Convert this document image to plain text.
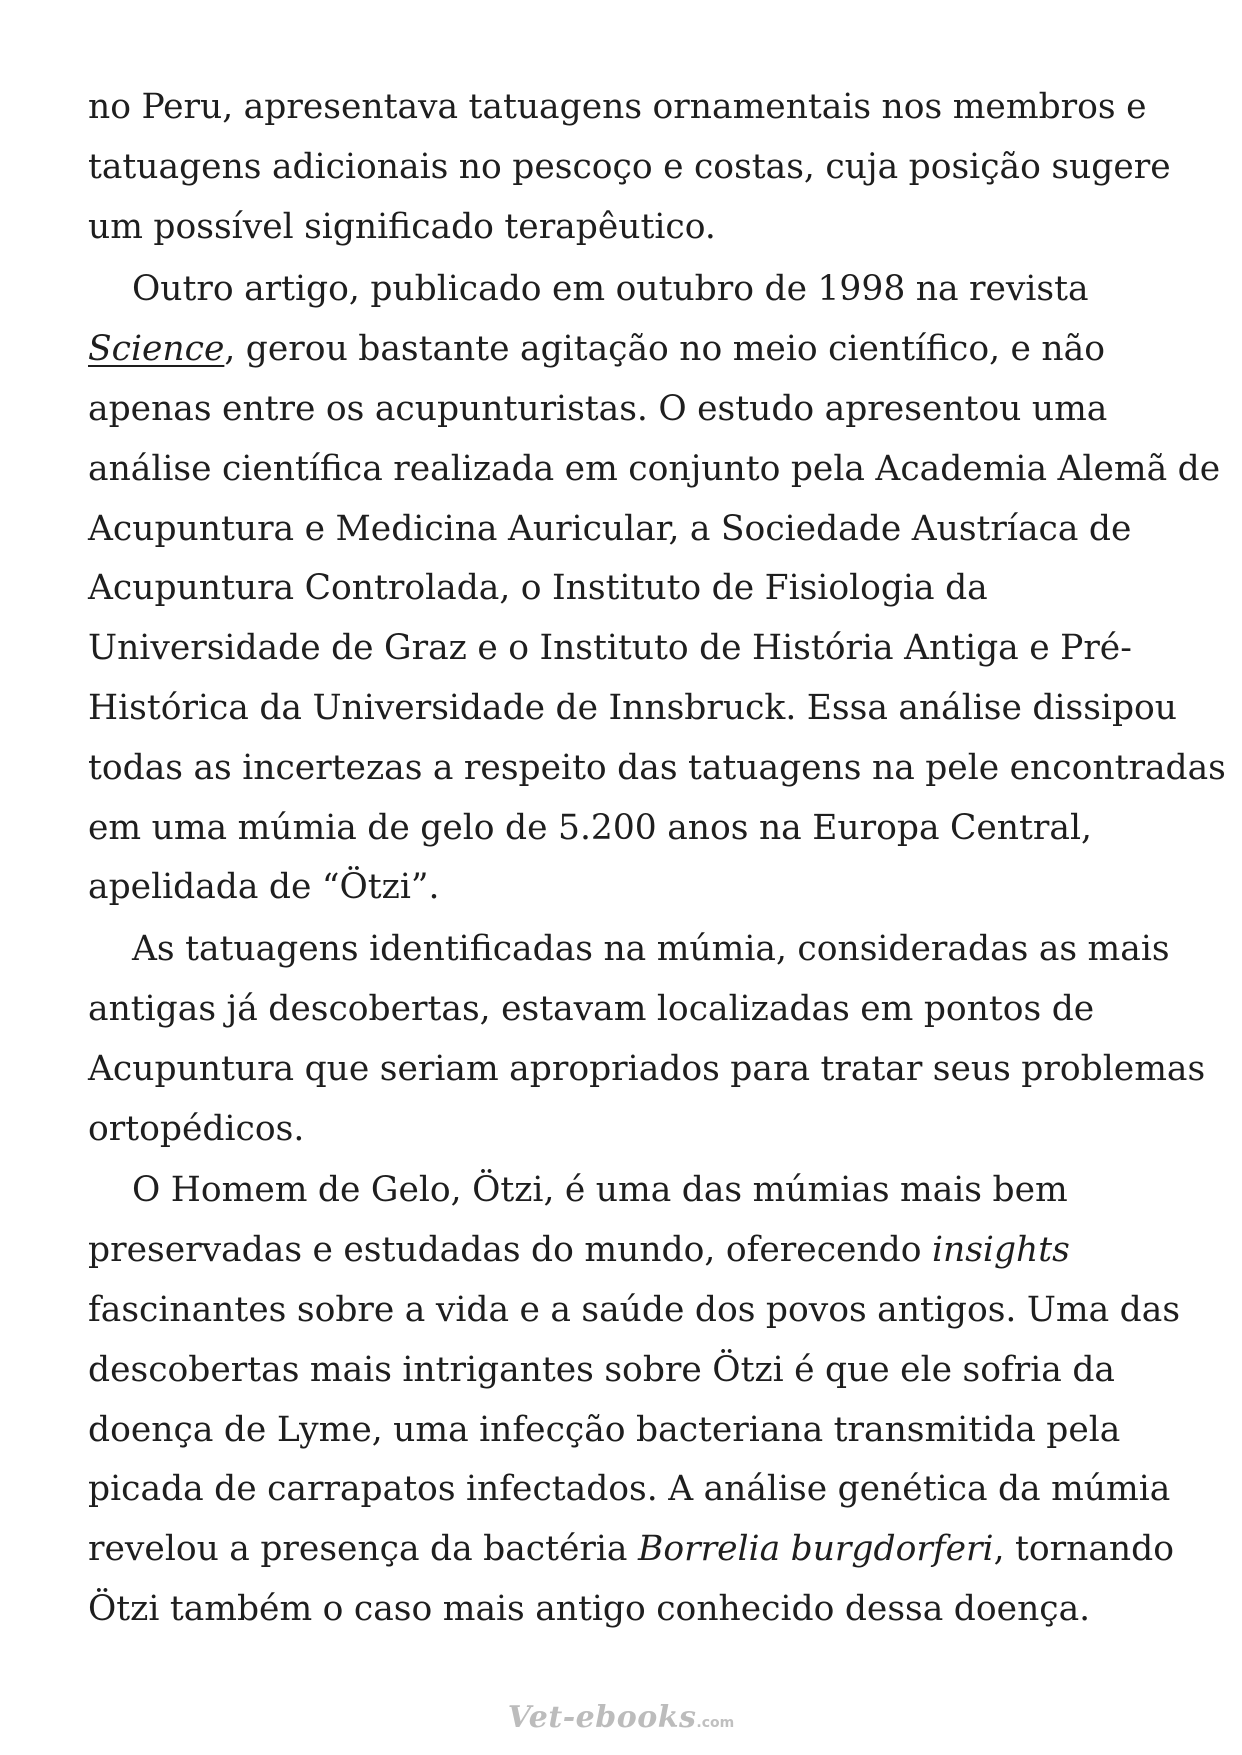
no Peru, apresentava tatuagens ornamentais nos membros e
tatuagens adicionais no pescoço e costas, cuja posição sugere
um possível significado terapêutico.

Outro artigo, publicado em outubro de 1998 na revista
Science, gerou bastante agitação no meio científico, e não
apenas entre os acupunturistas. O estudo apresentou uma
análise científica realizada em conjunto pela Academia Alemã de
Acupuntura e Medicina Auricular, a Sociedade Austríaca de
Acupuntura Controlada, o Instituto de Fisiologia da
Universidade de Graz e o Instituto de História Antiga e Pré-
Histórica da Universidade de Innsbruck. Essa análise dissipou
todas as incertezas a respeito das tatuagens na pele encontradas
em uma múmia de gelo de 5.200 anos na Europa Central,
apelidada de “Ötzi”.

As tatuagens identificadas na múmia, consideradas as mais
antigas já descobertas, estavam localizadas em pontos de
Acupuntura que seriam apropriados para tratar seus problemas
ortopédicos.

O Homem de Gelo, Ötzi, é uma das múmias mais bem
preservadas e estudadas do mundo, oferecendo insights
fascinantes sobre a vida e a saúde dos povos antigos. Uma das
descobertas mais intrigantes sobre Ötzi é que ele sofria da
doença de Lyme, uma infecção bacteriana transmitida pela
picada de carrapatos infectados. A análise genética da múmia
revelou a presença da bactéria Borrelia burgdorferi, tornando
Ötzi também o caso mais antigo conhecido dessa doença.

Vet-ebooks.com
